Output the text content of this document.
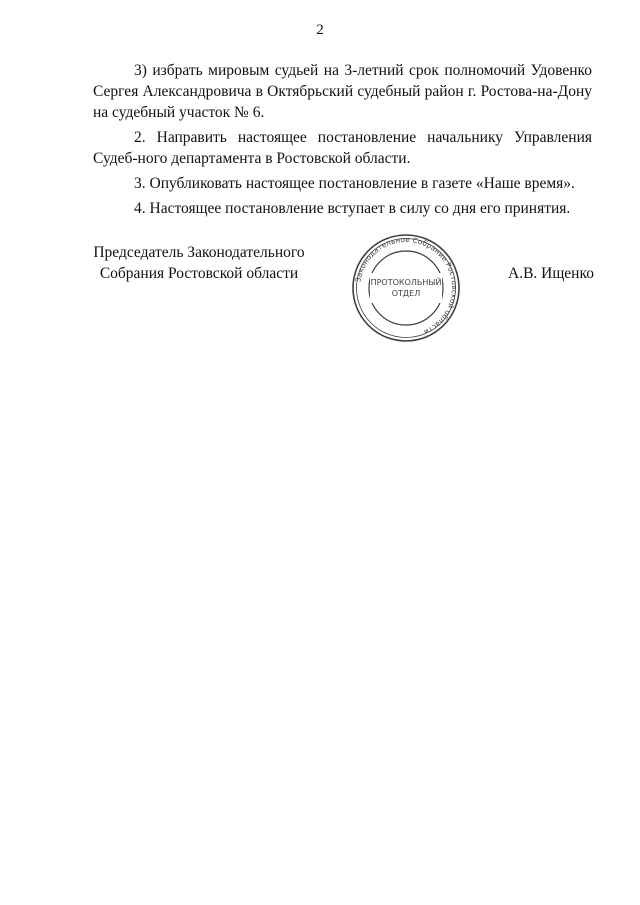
2

3) избрать мировым судьей на 3-летний срок полномочий Удовенко Сергея Александровича в Октябрьский судебный район г. Ростова-на-Дону на судебный участок № 6.

2. Направить настоящее постановление начальнику Управления Судеб-ного департамента в Ростовской области.

3. Опубликовать настоящее постановление в газете «Наше время».

4. Настоящее постановление вступает в силу со дня его принятия.

Председатель Законодательного
Собрания Ростовской области	А.В. Ищенко
Законодательное Собрание Ростовской области
ПРОТОКОЛЬНЫЙ
ОТДЕЛ
